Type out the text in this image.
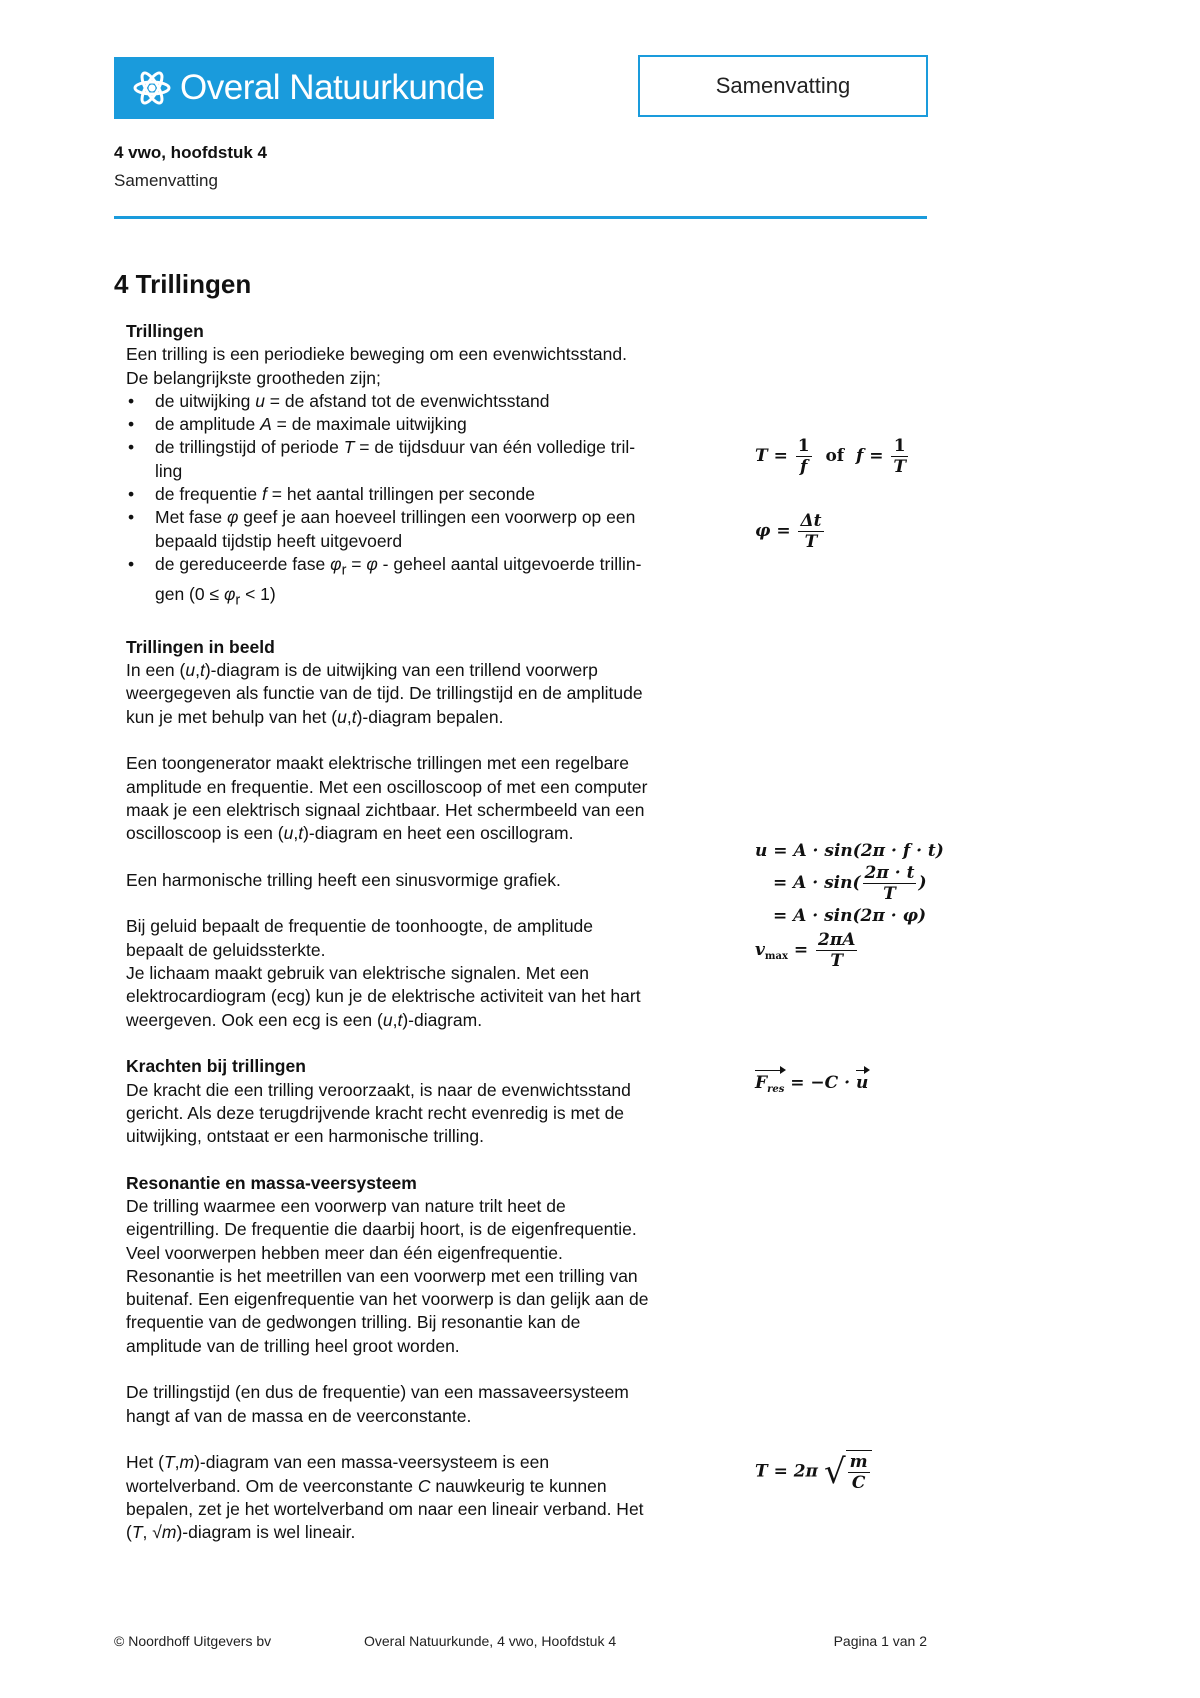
Overal Natuurkunde	Samenvatting
4 vwo, hoofdstuk 4
Samenvatting
4 Trillingen
Trillingen

Een trilling is een periodieke beweging om een evenwichtsstand.
De belangrijkste grootheden zijn;

• de uitwijking u = de afstand tot de evenwichtsstand
• de amplitude A = de maximale uitwijking
• de trillingstijd of periode T = de tijdsduur van één volledige tril-
ling
• de frequentie f = het aantal trillingen per seconde
• Met fase φ geef je aan hoeveel trillingen een voorwerp op een
bepaald tijdstip heeft uitgevoerd
• de gereduceerde fase $\varphi_r = \varphi$ - geheel aantal uitgevoerde trillin-
gen $(0 \le \varphi_r < 1)$
Trillingen in beeld

In een (u,t)-diagram is de uitwijking van een trillend voorwerp
weergegeven als functie van de tijd. De trillingstijd en de amplitude
kun je met behulp van het (u,t)-diagram bepalen.

Een toongenerator maakt elektrische trillingen met een regelbare
amplitude en frequentie. Met een oscilloscoop of met een computer
maak je een elektrisch signaal zichtbaar. Het schermbeeld van een
oscilloscoop is een (u,t)-diagram en heet een oscillogram.

Een harmonische trilling heeft een sinusvormige grafiek.

Bij geluid bepaalt de frequentie de toonhoogte, de amplitude
bepaalt de geluidssterkte.
Je lichaam maakt gebruik van elektrische signalen. Met een
elektrocardiogram (ecg) kun je de elektrische activiteit van het hart
weergeven. Ook een ecg is een (u,t)-diagram.

Krachten bij trillingen

De kracht die een trilling veroorzaakt, is naar de evenwichtsstand
gericht. Als deze terugdrijvende kracht recht evenredig is met de
uitwijking, ontstaat er een harmonische trilling.

Resonantie en massa-veersysteem

De trilling waarmee een voorwerp van nature trilt heet de
eigentrilling. De frequentie die daarbij hoort, is de eigenfrequentie.
Veel voorwerpen hebben meer dan één eigenfrequentie.
Resonantie is het meetrillen van een voorwerp met een trilling van
buitenaf. Een eigenfrequentie van het voorwerp is dan gelijk aan de
frequentie van de gedwongen trilling. Bij resonantie kan de
amplitude van de trilling heel groot worden.

De trillingstijd (en dus de frequentie) van een massaveersysteem
hangt af van de massa en de veerconstante.

Het (T,m)-diagram van een massa-veersysteem is een
wortelverband. Om de veerconstante C nauwkeurig te kunnen
bepalen, zet je het wortelverband om naar een lineair verband. Het
(T, √m)-diagram is wel lineair.

$T = \frac{1}{f}$ of $f = \frac{1}{T}$
$\varphi = \frac{\Delta t}{T}$
u = A · sin(2π · f · t)
= $A \cdot \sin( \frac{2\pi \cdot t}{T}$ )
= A · sin(2π · φ)
$v_{max} = \frac{2\pi A}{T}$
$F_{res} = -C \cdot u$
T = 2π √ $\frac{m}{C}$
© Noordhoff Uitgevers bv	Overal Natuurkunde, 4 vwo, Hoofdstuk 4	Pagina 1 van 2
